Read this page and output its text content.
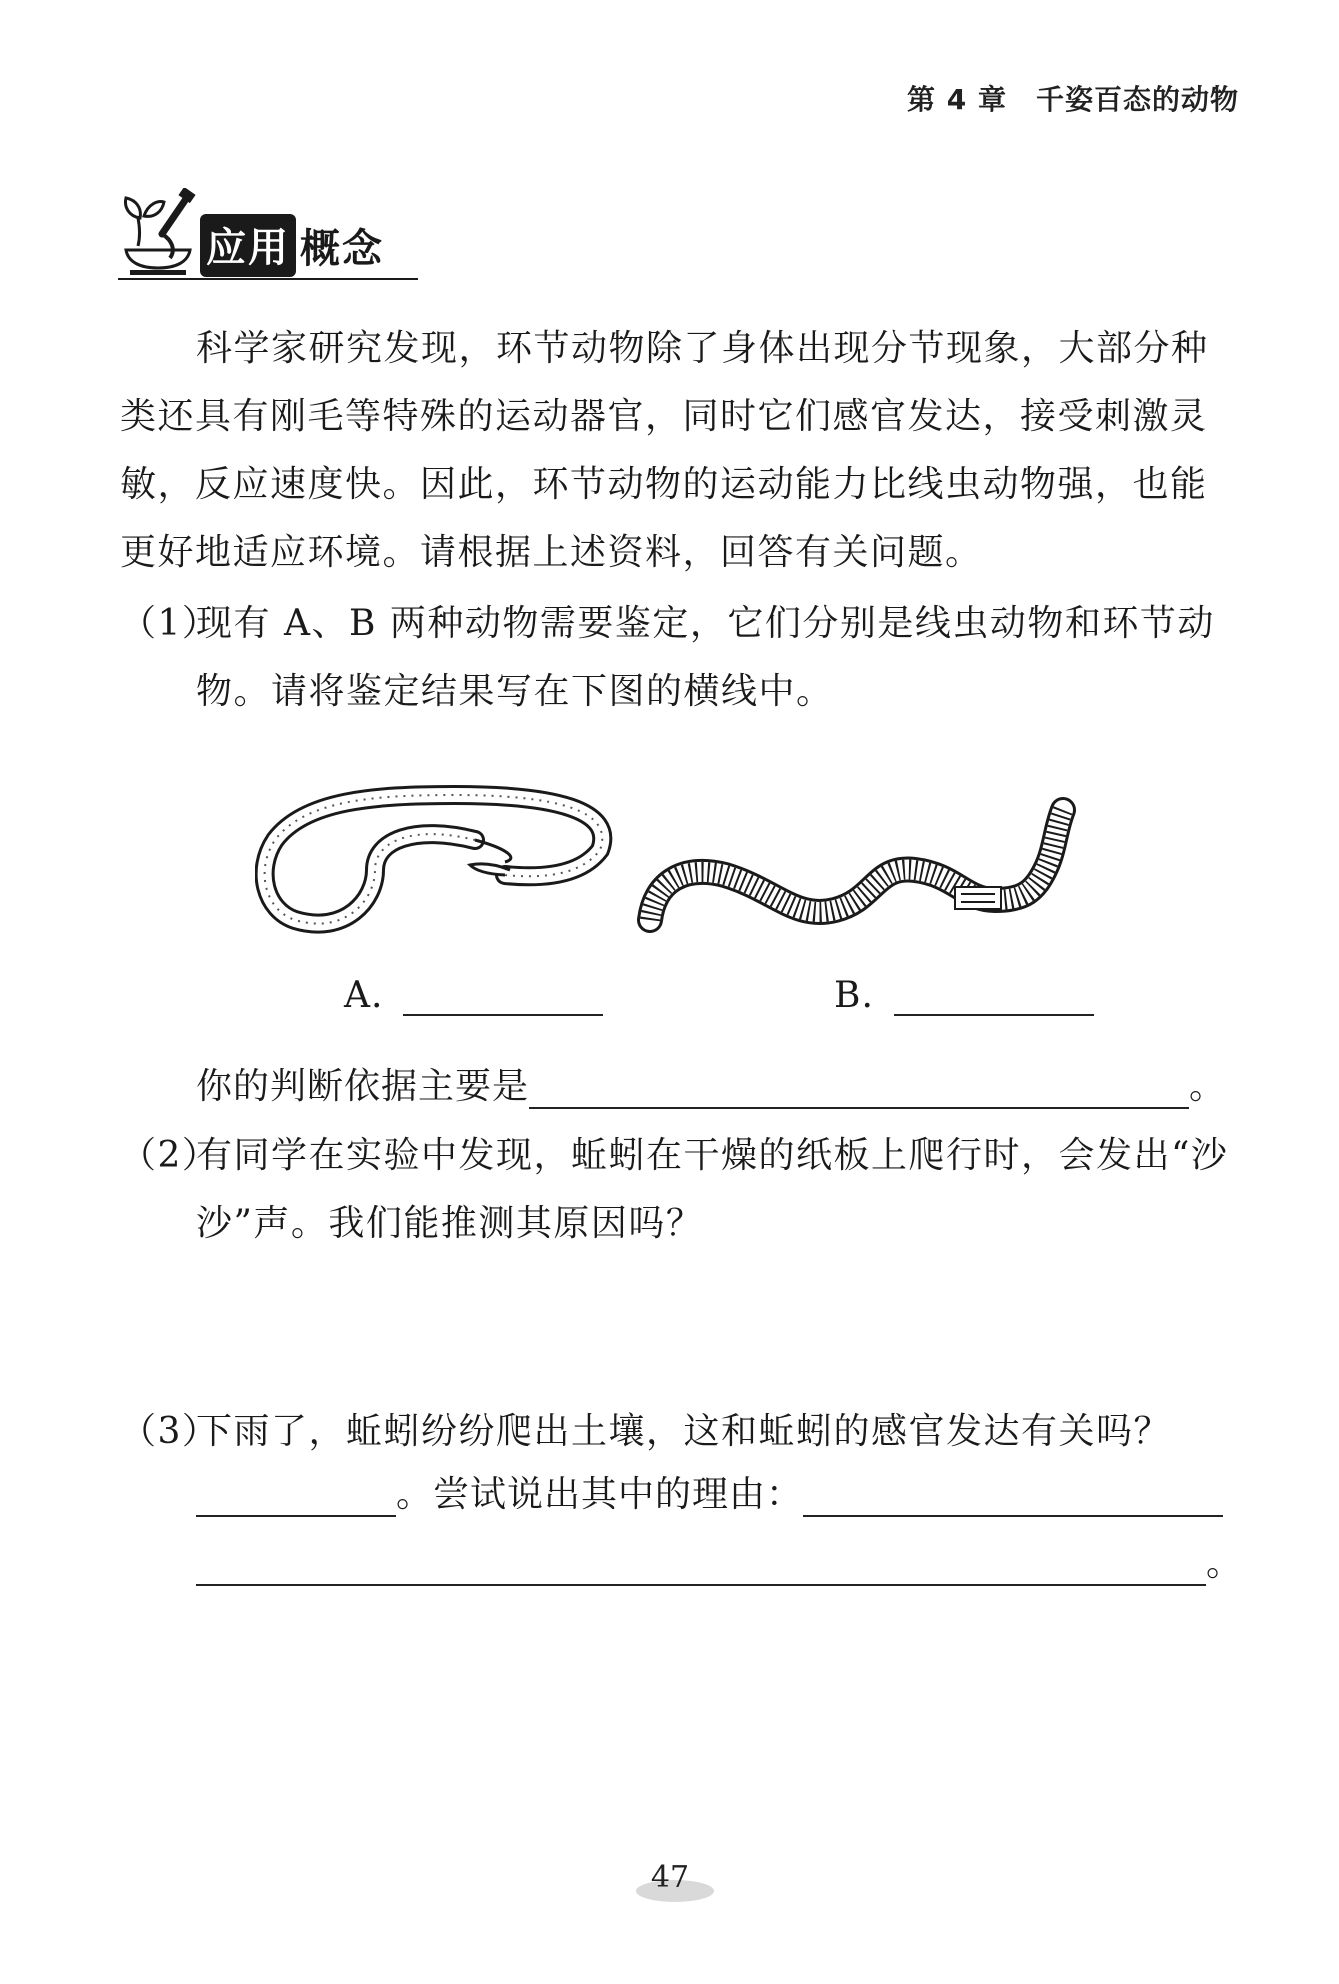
第 4 章　千姿百态的动物
应用 概念

科学家研究发现，环节动物除了身体出现分节现象，大部分种类还具有刚毛等特殊的运动器官，同时它们感官发达，接受刺激灵敏，反应速度快。因此，环节动物的运动能力比线虫动物强，也能更好地适应环境。请根据上述资料，回答有关问题。

（1）
现有 A、B 两种动物需要鉴定，它们分别是线虫动物和环节动物。请将鉴定结果写在下图的横线中。
A.	B.
你的判断依据主要是	。
（2）
有同学在实验中发现，蚯蚓在干燥的纸板上爬行时，会发出“沙沙”声。我们能推测其原因吗？
（3）
下雨了，蚯蚓纷纷爬出土壤，这和蚯蚓的感官发达有关吗？
。尝试说出其中的理由：
。
47
